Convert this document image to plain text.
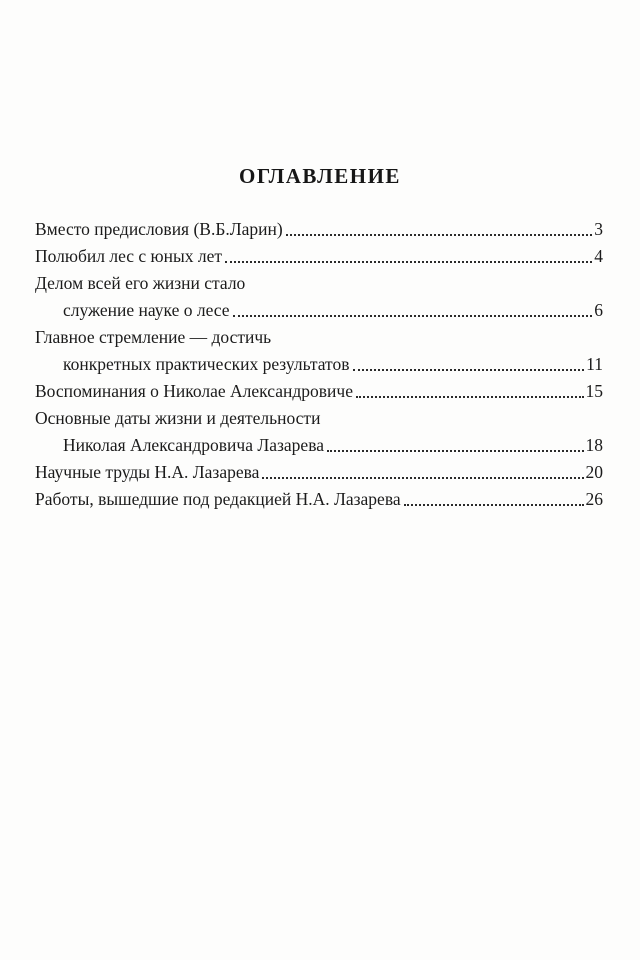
ОГЛАВЛЕНИЕ
Вместо предисловия (В.Б.Ларин)	3
Полюбил лес с юных лет	4
Делом всей его жизни стало
служение науке о лесе	6
Главное стремление — достичь
конкретных практических результатов	11
Воспоминания о Николае Александровиче	15
Основные даты жизни и деятельности
Николая Александровича Лазарева	18
Научные труды Н.А. Лазарева	20
Работы, вышедшие под редакцией Н.А. Лазарева	26
